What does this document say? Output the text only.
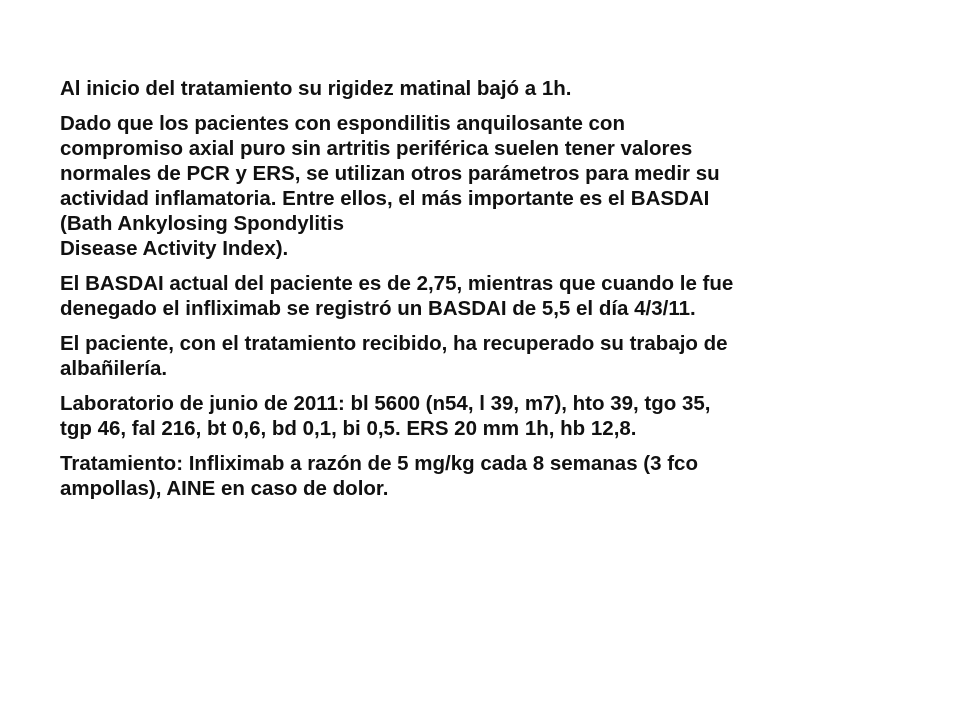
Al inicio del tratamiento su rigidez matinal bajó a 1h.

Dado que los pacientes con espondilitis anquilosante con
compromiso axial puro sin artritis periférica suelen tener valores
normales de PCR y ERS, se utilizan otros parámetros para medir su
actividad inflamatoria. Entre ellos, el más importante es el BASDAI
(Bath Ankylosing Spondylitis
Disease Activity Index).

El BASDAI actual del paciente es de 2,75, mientras que cuando le fue
denegado el infliximab se registró un BASDAI de 5,5 el día 4/3/11.

El paciente, con el tratamiento recibido, ha recuperado su trabajo de
albañilería.

Laboratorio de junio de 2011: bl 5600 (n54, l 39, m7), hto 39, tgo 35,
tgp 46, fal 216, bt 0,6, bd 0,1, bi 0,5. ERS 20 mm 1h, hb 12,8.

Tratamiento: Infliximab a razón de 5 mg/kg cada 8 semanas (3 fco
ampollas), AINE en caso de dolor.
